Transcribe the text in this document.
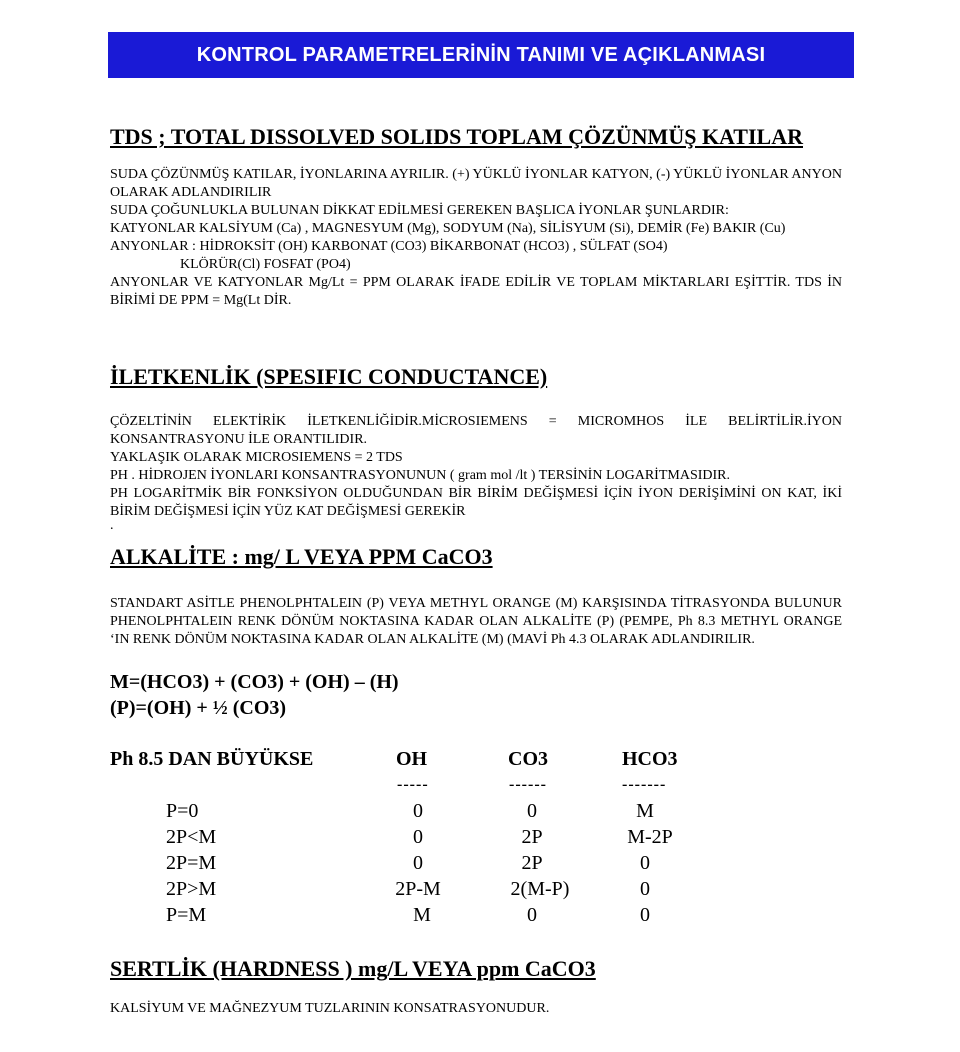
KONTROL PARAMETRELERİNİN TANIMI VE AÇIKLANMASI
TDS ; TOTAL DISSOLVED SOLIDS TOPLAM ÇÖZÜNMÜŞ KATILAR

SUDA ÇÖZÜNMÜŞ KATILAR, İYONLARINA AYRILIR. (+) YÜKLÜ İYONLAR KATYON, (-) YÜKLÜ İYONLAR ANYON OLARAK ADLANDIRILIR

SUDA ÇOĞUNLUKLA BULUNAN DİKKAT EDİLMESİ GEREKEN BAŞLICA İYONLAR ŞUNLARDIR:

KATYONLAR KALSİYUM (Ca) , MAGNESYUM (Mg), SODYUM (Na), SİLİSYUM (Si), DEMİR (Fe) BAKIR (Cu)

ANYONLAR : HİDROKSİT (OH) KARBONAT (CO3) BİKARBONAT (HCO3) , SÜLFAT (SO4)

KLÖRÜR(Cl) FOSFAT (PO4)

ANYONLAR VE KATYONLAR Mg/Lt = PPM OLARAK İFADE EDİLİR VE TOPLAM MİKTARLARI EŞİTTİR. TDS İN BİRİMİ DE PPM = Mg(Lt DİR.

İLETKENLİK (SPESIFIC CONDUCTANCE)

ÇÖZELTİNİN ELEKTİRİK İLETKENLİĞİDİR.MİCROSIEMENS = MICROMHOS İLE BELİRTİLİR.İYON KONSANTRASYONU İLE ORANTILIDIR.

YAKLAŞIK OLARAK MICROSIEMENS = 2 TDS

PH . HİDROJEN İYONLARI KONSANTRASYONUNUN ( gram mol /lt ) TERSİNİN LOGARİTMASIDIR.

PH LOGARİTMİK BİR FONKSİYON OLDUĞUNDAN BİR BİRİM DEĞİŞMESİ İÇİN İYON DERİŞİMİNİ ON KAT, İKİ BİRİM DEĞİŞMESİ İÇİN YÜZ KAT DEĞİŞMESİ GEREKİR

.

ALKALİTE : mg/ L VEYA PPM CaCO3

STANDART ASİTLE PHENOLPHTALEIN (P) VEYA METHYL ORANGE (M) KARŞISINDA TİTRASYONDA BULUNUR PHENOLPHTALEIN RENK DÖNÜM NOKTASINA KADAR OLAN ALKALİTE (P) (PEMPE, Ph 8.3 METHYL ORANGE ‘IN RENK DÖNÜM NOKTASINA KADAR OLAN ALKALİTE (M) (MAVİ Ph 4.3 OLARAK ADLANDIRILIR.

M=(HCO3) + (CO3) + (OH) – (H)
(P)=(OH) + ½ (CO3)
Ph 8.5 DAN BÜYÜKSE	OH	CO3	HCO3
-----	------	-------
P=0	0	0	M
2P<M	0	2P	M-2P
2P=M	0	2P	0
2P>M	2P-M	2(M-P)	0
P=M	M	0	0
SERTLİK (HARDNESS ) mg/L VEYA ppm CaCO3

KALSİYUM VE MAĞNEZYUM TUZLARININ KONSATRASYONUDUR.
